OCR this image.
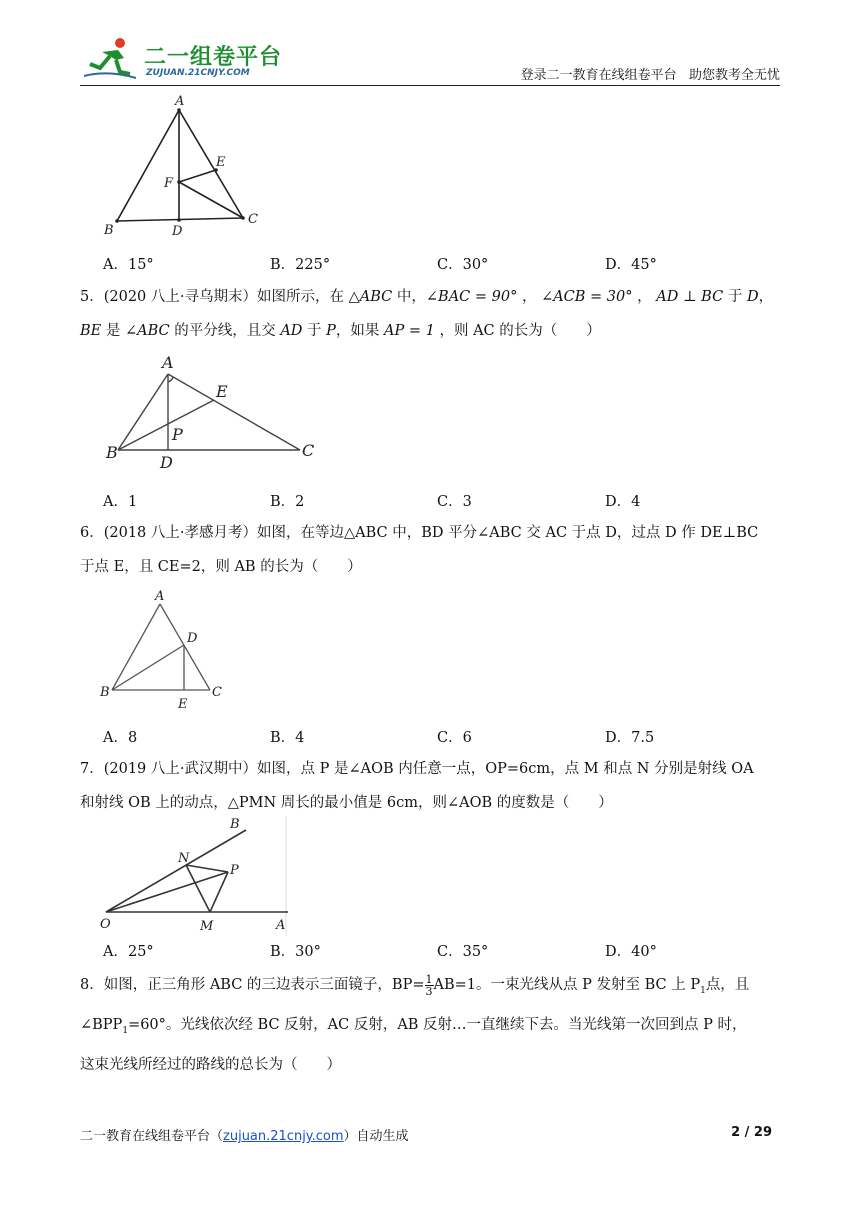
二一组卷平台
ZUJUAN.21CNJY.COM	登录二一教育在线组卷平台   助您教考全无忧
A
E
F
B	D
C
A．15°	B．225°	C．30°	D．45°
5．(2020 八上·寻乌期末）如图所示，在 △ABC 中，∠BAC = 90° ， ∠ACB = 30° ， AD ⊥ BC 于 D，
BE 是 ∠ABC 的平分线，且交 AD 于 P，如果 AP = 1 ，则 AC 的长为（　　）
A
E
P
B
D
C
A．1	B．2	C．3	D．4
6．(2018 八上·孝感月考）如图，在等边△ABC 中，BD 平分∠ABC 交 AC 于点 D，过点 D 作 DE⊥BC
于点 E，且 CE=2，则 AB 的长为（　　）
A
D
B
E
C
A．8	B．4	C．6	D．7.5
7．(2019 八上·武汉期中）如图，点 P 是∠AOB 内任意一点，OP=6cm，点 M 和点 N 分别是射线 OA
和射线 OB 上的动点，△PMN 周长的最小值是 6cm，则∠AOB 的度数是（　　）
B
N
P
O	M	A
A．25°	B．30°	C．35°	D．40°
8．如图，正三角形 ABC 的三边表示三面镜子，$BP= \frac{1}{3} AB=1$。一束光线从点 P 发射至 BC 上 $P_1$点，且
$\angle BPP_1=60^\circ$。光线依次经 BC 反射，AC 反射，AB 反射…一直继续下去。当光线第一次回到点 P 时，
这束光线所经过的路线的总长为（　　）
二一教育在线组卷平台（zujuan.21cnjy.com）自动生成	2 / 29
